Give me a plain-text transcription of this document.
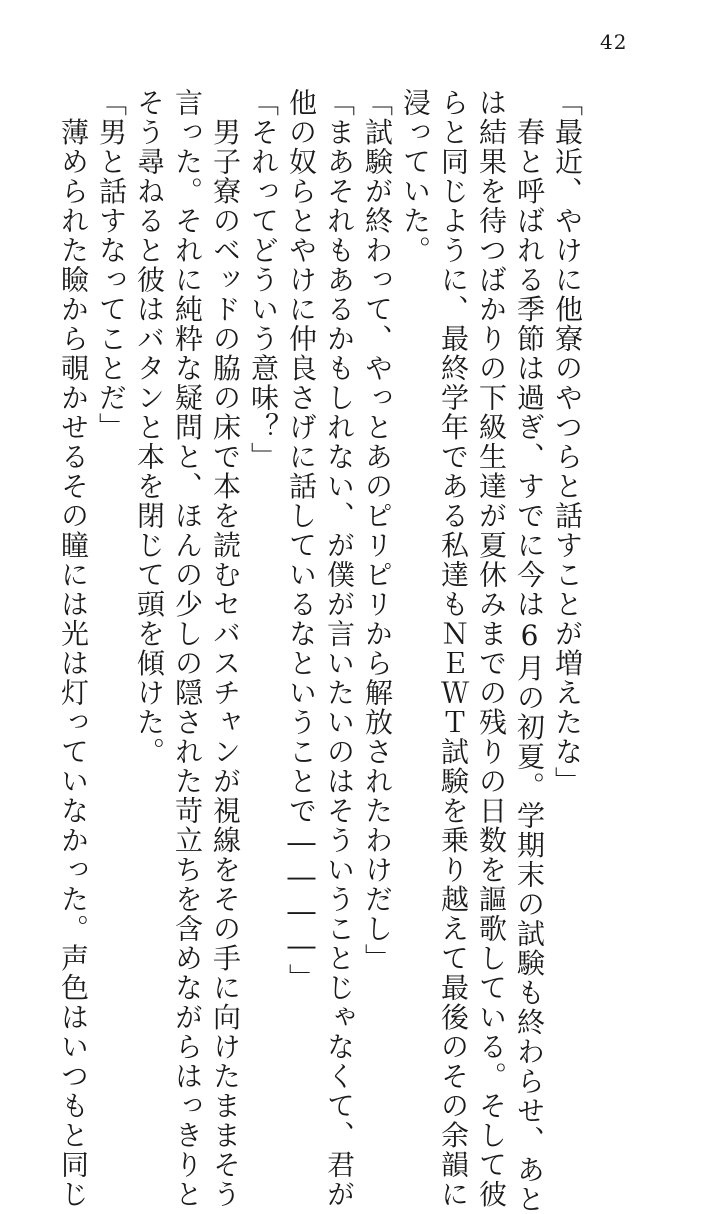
42
「最近、やけに他寮のやつらと話すことが増えたな」
　春と呼ばれる季節は過ぎ、すでに今は6月の初夏。学期末の試験も終わらせ、あと
は結果を待つばかりの下級生達が夏休みまでの残りの日数を謳歌している。そして彼
らと同じように、最終学年である私達もＮＥＷＴ試験を乗り越えて最後のその余韻に
浸っていた。
「試験が終わって、やっとあのピリピリから解放されたわけだし」
「まあそれもあるかもしれない、が僕が言いたいのはそういうことじゃなくて、君が
他の奴らとやけに仲良さげに話しているなということで――――」
「それってどういう意味？」
　男子寮のベッドの脇の床で本を読むセバスチャンが視線をその手に向けたままそう
言った。それに純粋な疑問と、ほんの少しの隠された苛立ちを含めながらはっきりと
そう尋ねると彼はバタンと本を閉じて頭を傾けた。
「男と話すなってことだ」
　薄められた瞼から覗かせるその瞳には光は灯っていなかった。声色はいつもと同じ
